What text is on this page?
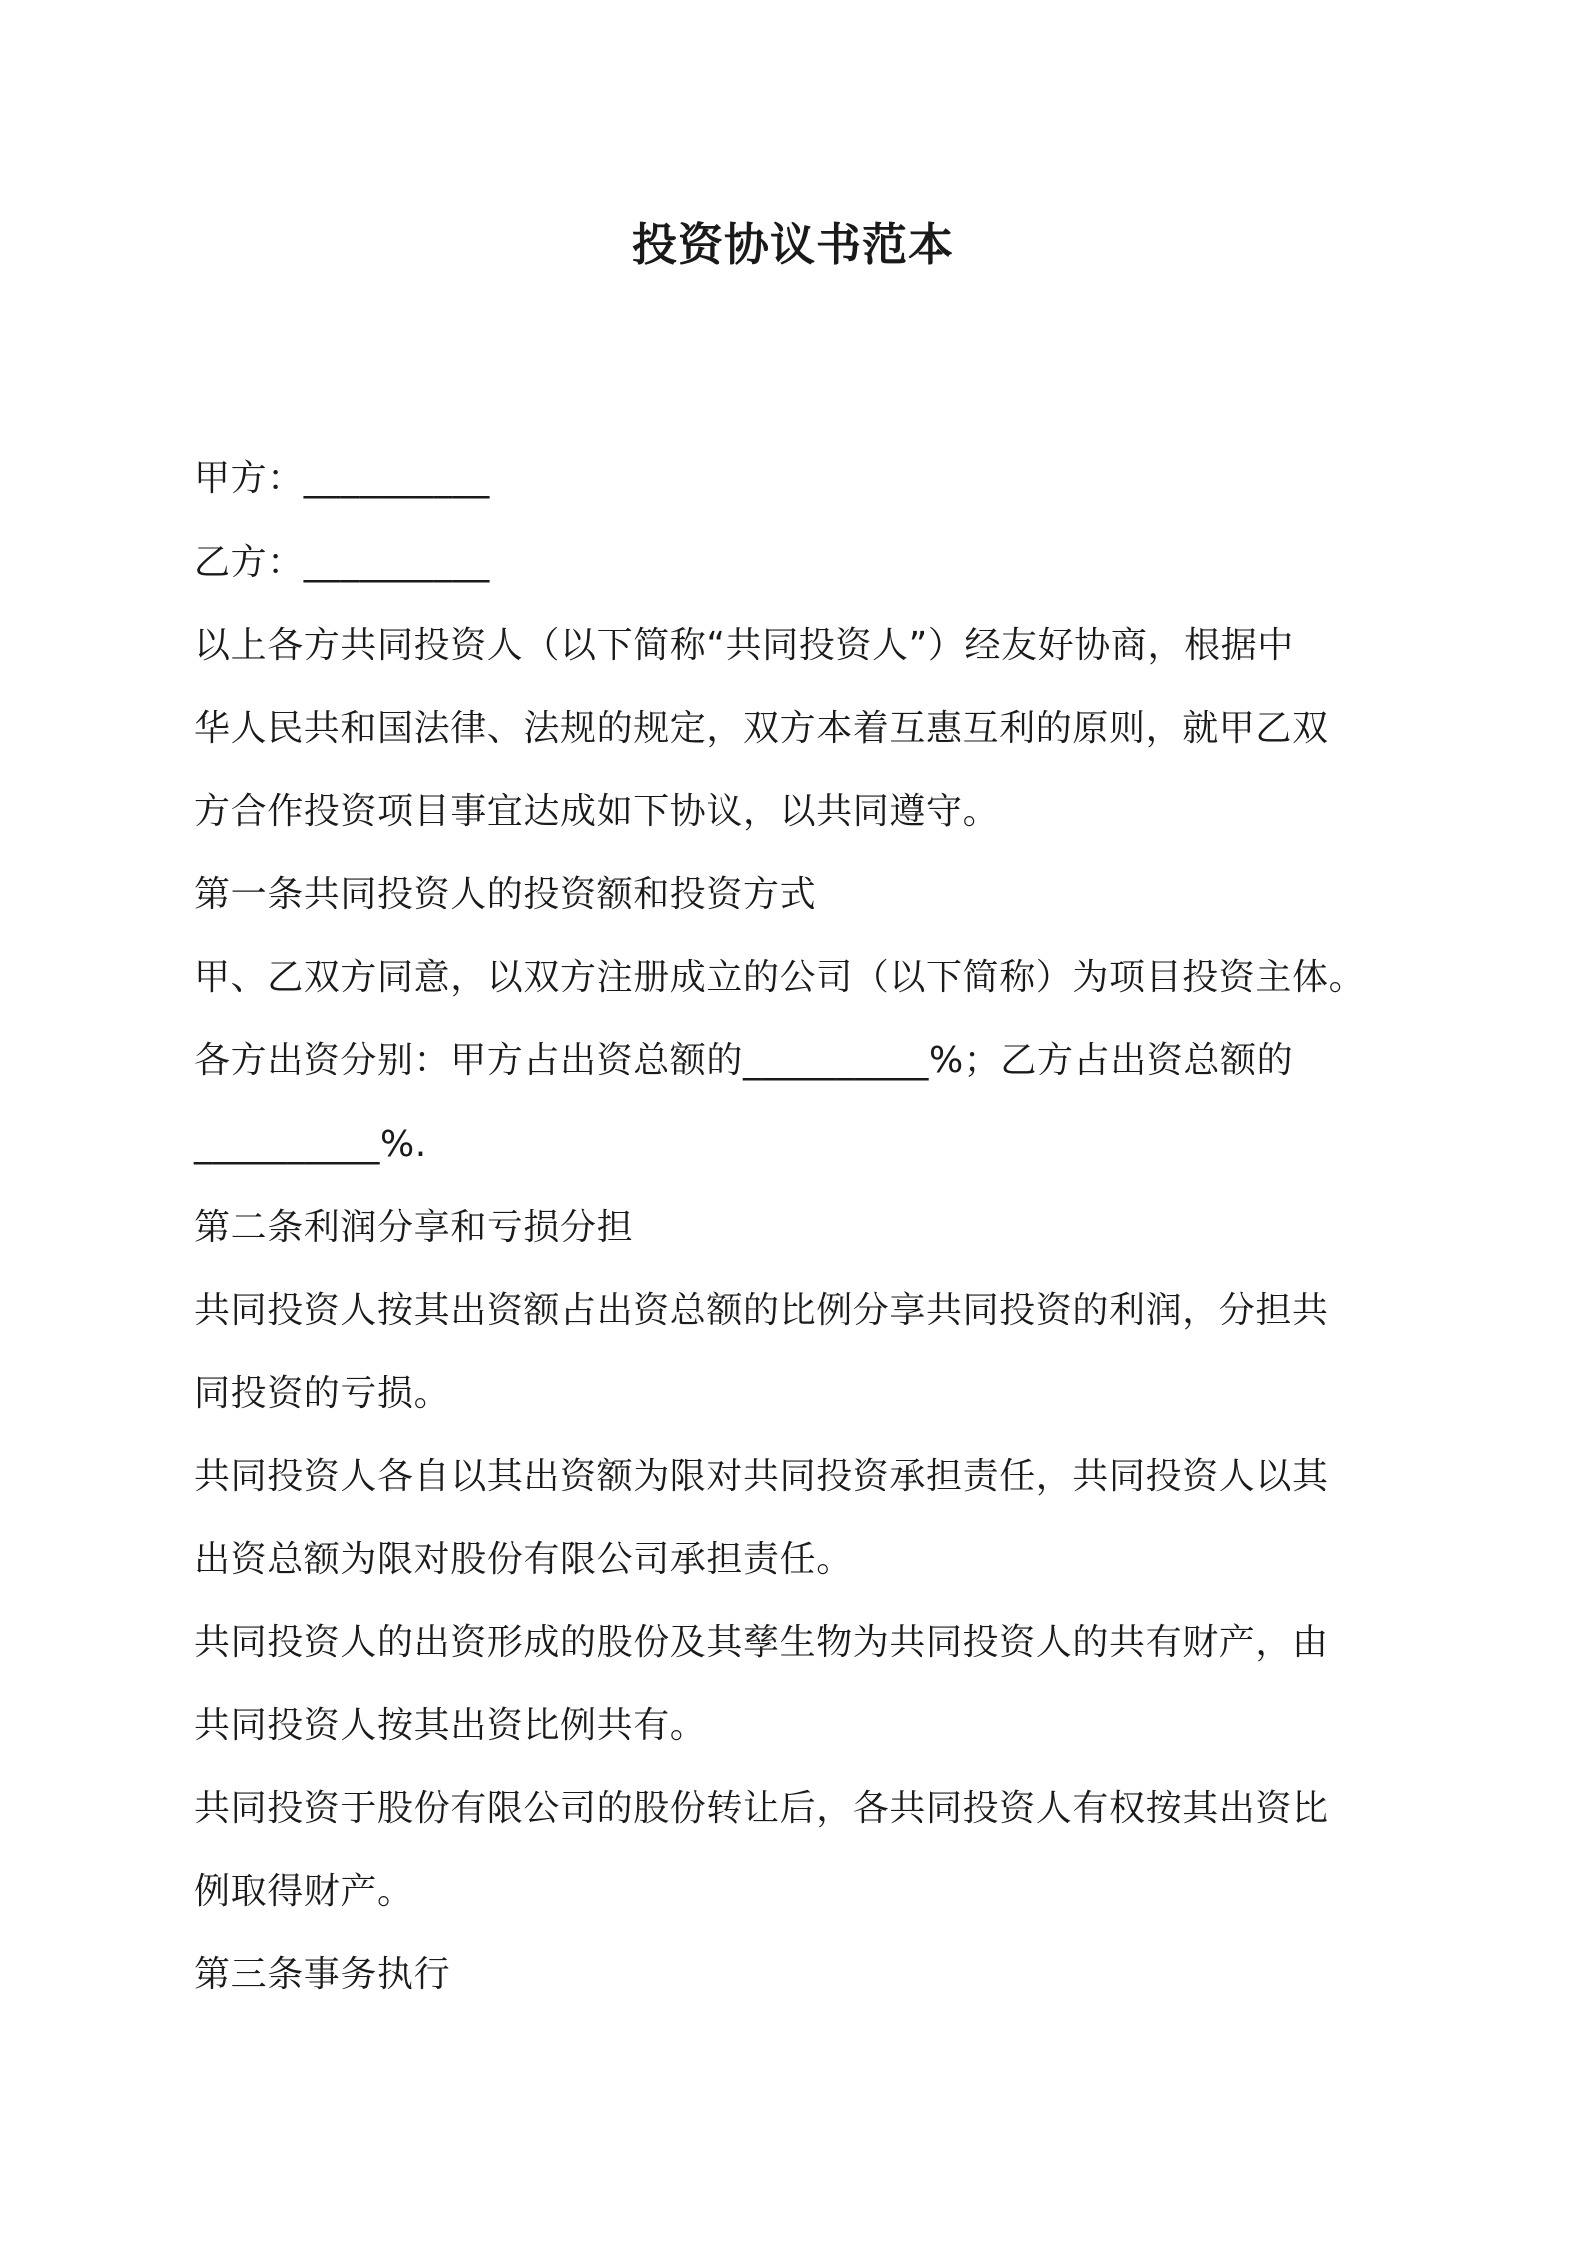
投资协议书范本
甲方：__________
乙方：__________
以上各方共同投资人（以下简称“共同投资人”）经友好协商，根据中
华人民共和国法律、法规的规定，双方本着互惠互利的原则，就甲乙双
方合作投资项目事宜达成如下协议，以共同遵守。
第一条共同投资人的投资额和投资方式
甲、乙双方同意，以双方注册成立的公司（以下简称）为项目投资主体。
各方出资分别：甲方占出资总额的__________%；乙方占出资总额的
__________%.
第二条利润分享和亏损分担
共同投资人按其出资额占出资总额的比例分享共同投资的利润，分担共
同投资的亏损。
共同投资人各自以其出资额为限对共同投资承担责任，共同投资人以其
出资总额为限对股份有限公司承担责任。
共同投资人的出资形成的股份及其孳生物为共同投资人的共有财产，由
共同投资人按其出资比例共有。
共同投资于股份有限公司的股份转让后，各共同投资人有权按其出资比
例取得财产。
第三条事务执行
